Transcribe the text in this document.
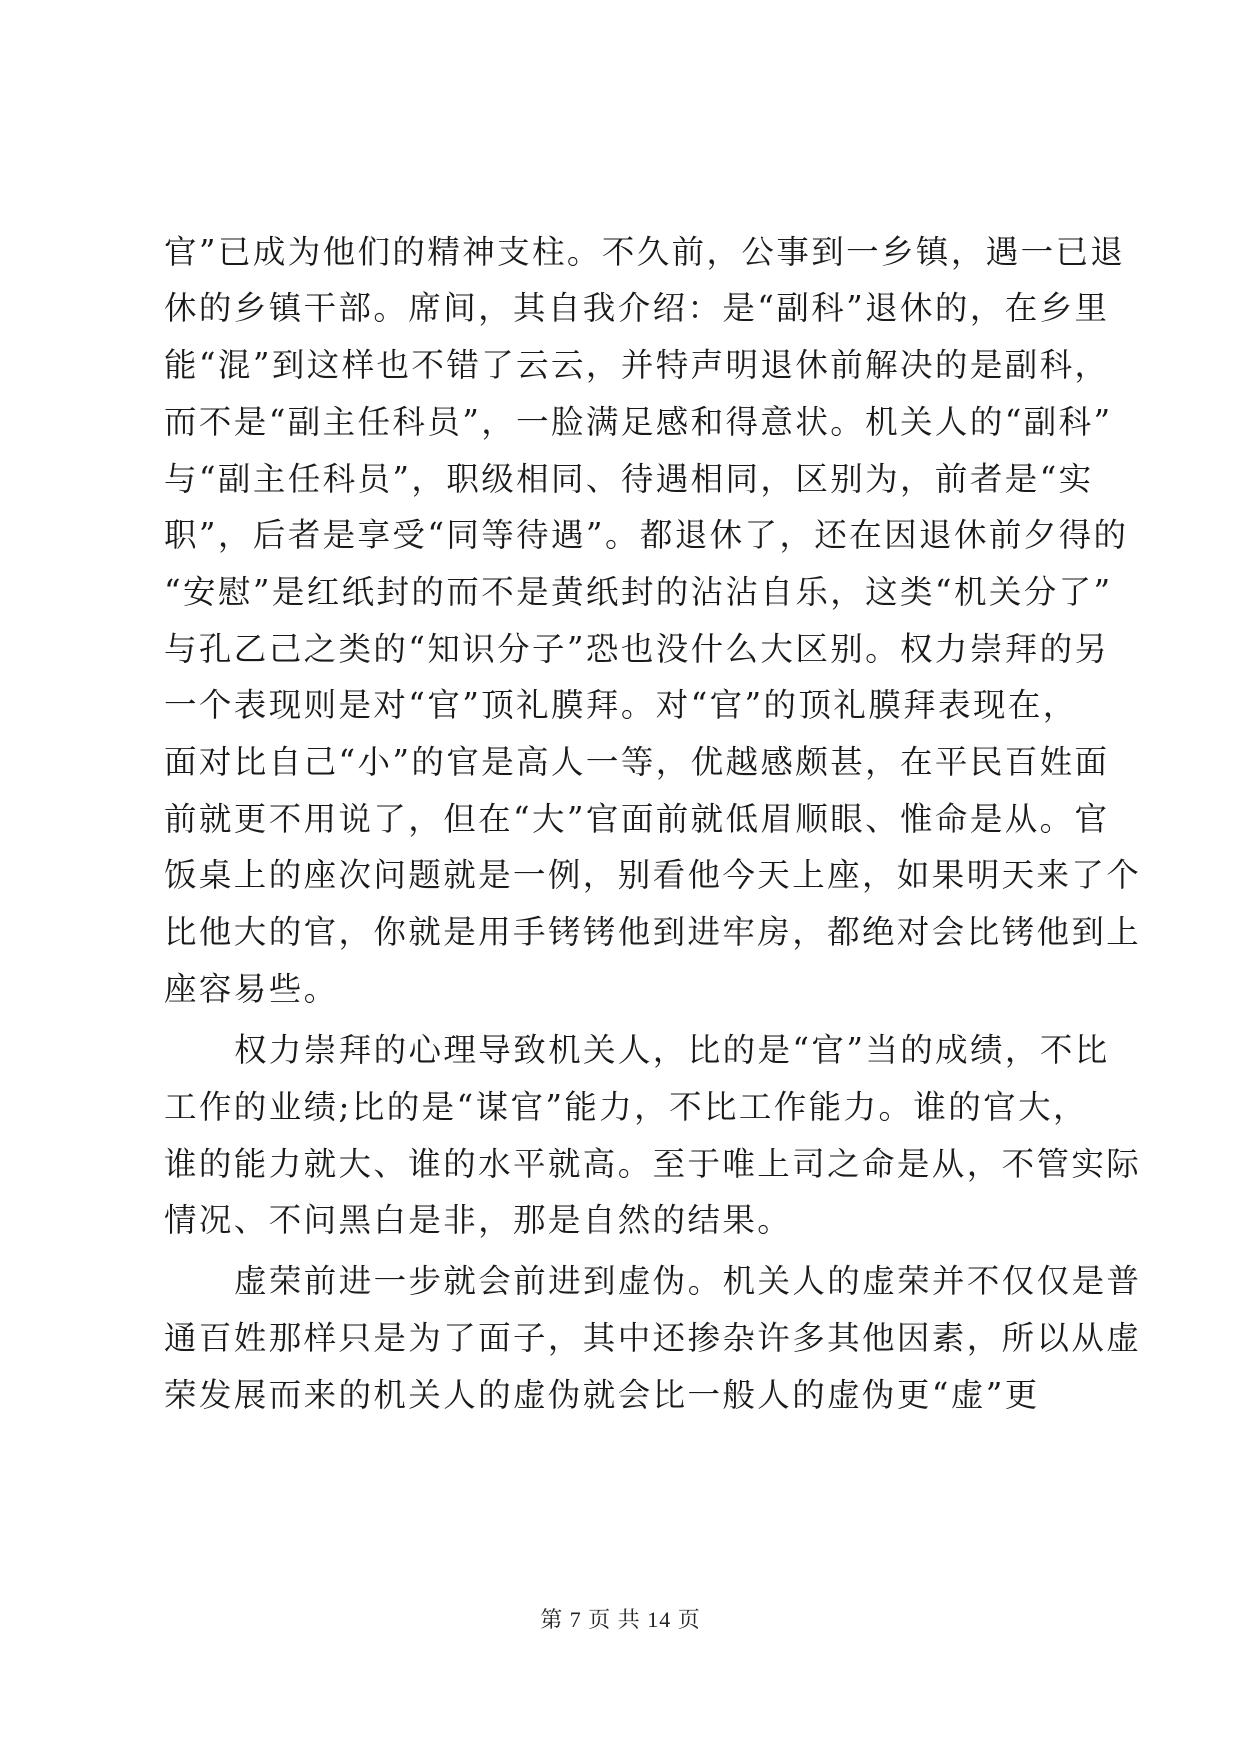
官”已成为他们的精神支柱。不久前，公事到一乡镇，遇一已退
休的乡镇干部。席间，其自我介绍：是“副科”退休的，在乡里
能“混”到这样也不错了云云，并特声明退休前解决的是副科，
而不是“副主任科员”，一脸满足感和得意状。机关人的“副科”
与“副主任科员”，职级相同、待遇相同，区别为，前者是“实
职”，后者是享受“同等待遇”。都退休了，还在因退休前夕得的
“安慰”是红纸封的而不是黄纸封的沾沾自乐，这类“机关分了”
与孔乙己之类的“知识分子”恐也没什么大区别。权力崇拜的另
一个表现则是对“官”顶礼膜拜。对“官”的顶礼膜拜表现在，
面对比自己“小”的官是高人一等，优越感颇甚，在平民百姓面
前就更不用说了，但在“大”官面前就低眉顺眼、惟命是从。官
饭桌上的座次问题就是一例，别看他今天上座，如果明天来了个
比他大的官，你就是用手铐铐他到进牢房，都绝对会比铐他到上
座容易些。
权力崇拜的心理导致机关人，比的是“官”当的成绩，不比
工作的业绩;比的是“谋官”能力，不比工作能力。谁的官大，
谁的能力就大、谁的水平就高。至于唯上司之命是从，不管实际
情况、不问黑白是非，那是自然的结果。
虚荣前进一步就会前进到虚伪。机关人的虚荣并不仅仅是普
通百姓那样只是为了面子，其中还掺杂许多其他因素，所以从虚
荣发展而来的机关人的虚伪就会比一般人的虚伪更“虚”更
第 7 页 共 14 页
